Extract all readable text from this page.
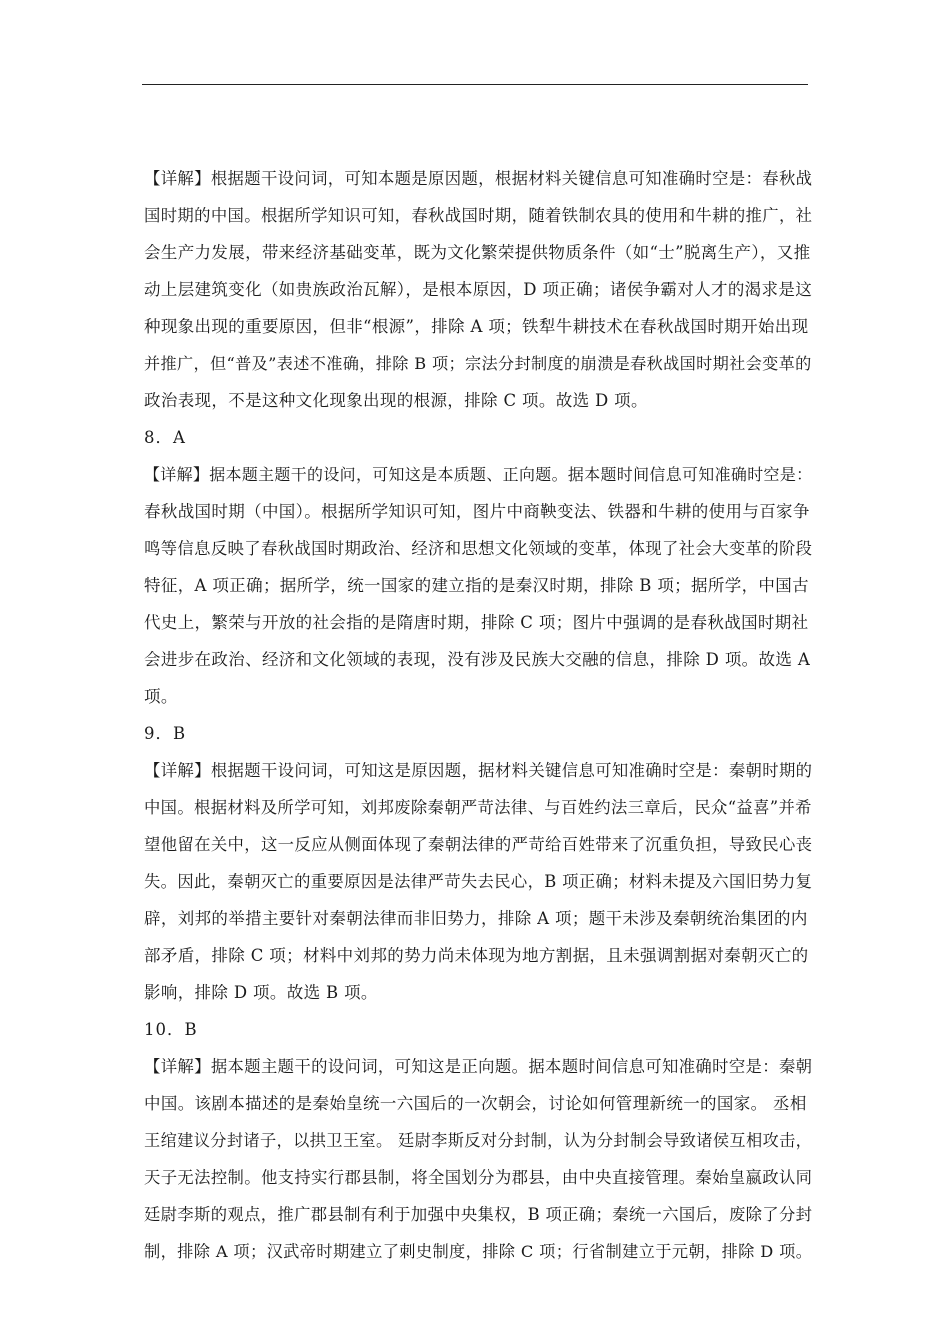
【详解】根据题干设问词，可知本题是原因题，根据材料关键信息可知准确时空是：春秋战
国时期的中国。根据所学知识可知，春秋战国时期，随着铁制农具的使用和牛耕的推广，社
会生产力发展，带来经济基础变革，既为文化繁荣提供物质条件（如“士”脱离生产），又推
动上层建筑变化（如贵族政治瓦解），是根本原因，D 项正确；诸侯争霸对人才的渴求是这
种现象出现的重要原因，但非“根源”，排除 A 项；铁犁牛耕技术在春秋战国时期开始出现
并推广，但“普及”表述不准确，排除 B 项；宗法分封制度的崩溃是春秋战国时期社会变革的
政治表现，不是这种文化现象出现的根源，排除 C 项。故选 D 项。
8．A
【详解】据本题主题干的设问，可知这是本质题、正向题。据本题时间信息可知准确时空是：
春秋战国时期（中国）。根据所学知识可知，图片中商鞅变法、铁器和牛耕的使用与百家争
鸣等信息反映了春秋战国时期政治、经济和思想文化领域的变革，体现了社会大变革的阶段
特征，A 项正确；据所学，统一国家的建立指的是秦汉时期，排除 B 项；据所学，中国古
代史上，繁荣与开放的社会指的是隋唐时期，排除 C 项；图片中强调的是春秋战国时期社
会进步在政治、经济和文化领域的表现，没有涉及民族大交融的信息，排除 D 项。故选 A
项。
9．B
【详解】根据题干设问词，可知这是原因题，据材料关键信息可知准确时空是：秦朝时期的
中国。根据材料及所学可知，刘邦废除秦朝严苛法律、与百姓约法三章后，民众“益喜”并希
望他留在关中，这一反应从侧面体现了秦朝法律的严苛给百姓带来了沉重负担，导致民心丧
失。因此，秦朝灭亡的重要原因是法律严苛失去民心，B 项正确；材料未提及六国旧势力复
辟，刘邦的举措主要针对秦朝法律而非旧势力，排除 A 项；题干未涉及秦朝统治集团的内
部矛盾，排除 C 项；材料中刘邦的势力尚未体现为地方割据，且未强调割据对秦朝灭亡的
影响，排除 D 项。故选 B 项。
10．B
【详解】据本题主题干的设问词，可知这是正向题。据本题时间信息可知准确时空是：秦朝
中国。该剧本描述的是秦始皇统一六国后的一次朝会，讨论如何管理新统一的国家。 丞相
王绾建议分封诸子，以拱卫王室。 廷尉李斯反对分封制，认为分封制会导致诸侯互相攻击，
天子无法控制。他支持实行郡县制，将全国划分为郡县，由中央直接管理。秦始皇嬴政认同
廷尉李斯的观点，推广郡县制有利于加强中央集权，B 项正确；秦统一六国后，废除了分封
制，排除 A 项；汉武帝时期建立了刺史制度，排除 C 项；行省制建立于元朝，排除 D 项。
